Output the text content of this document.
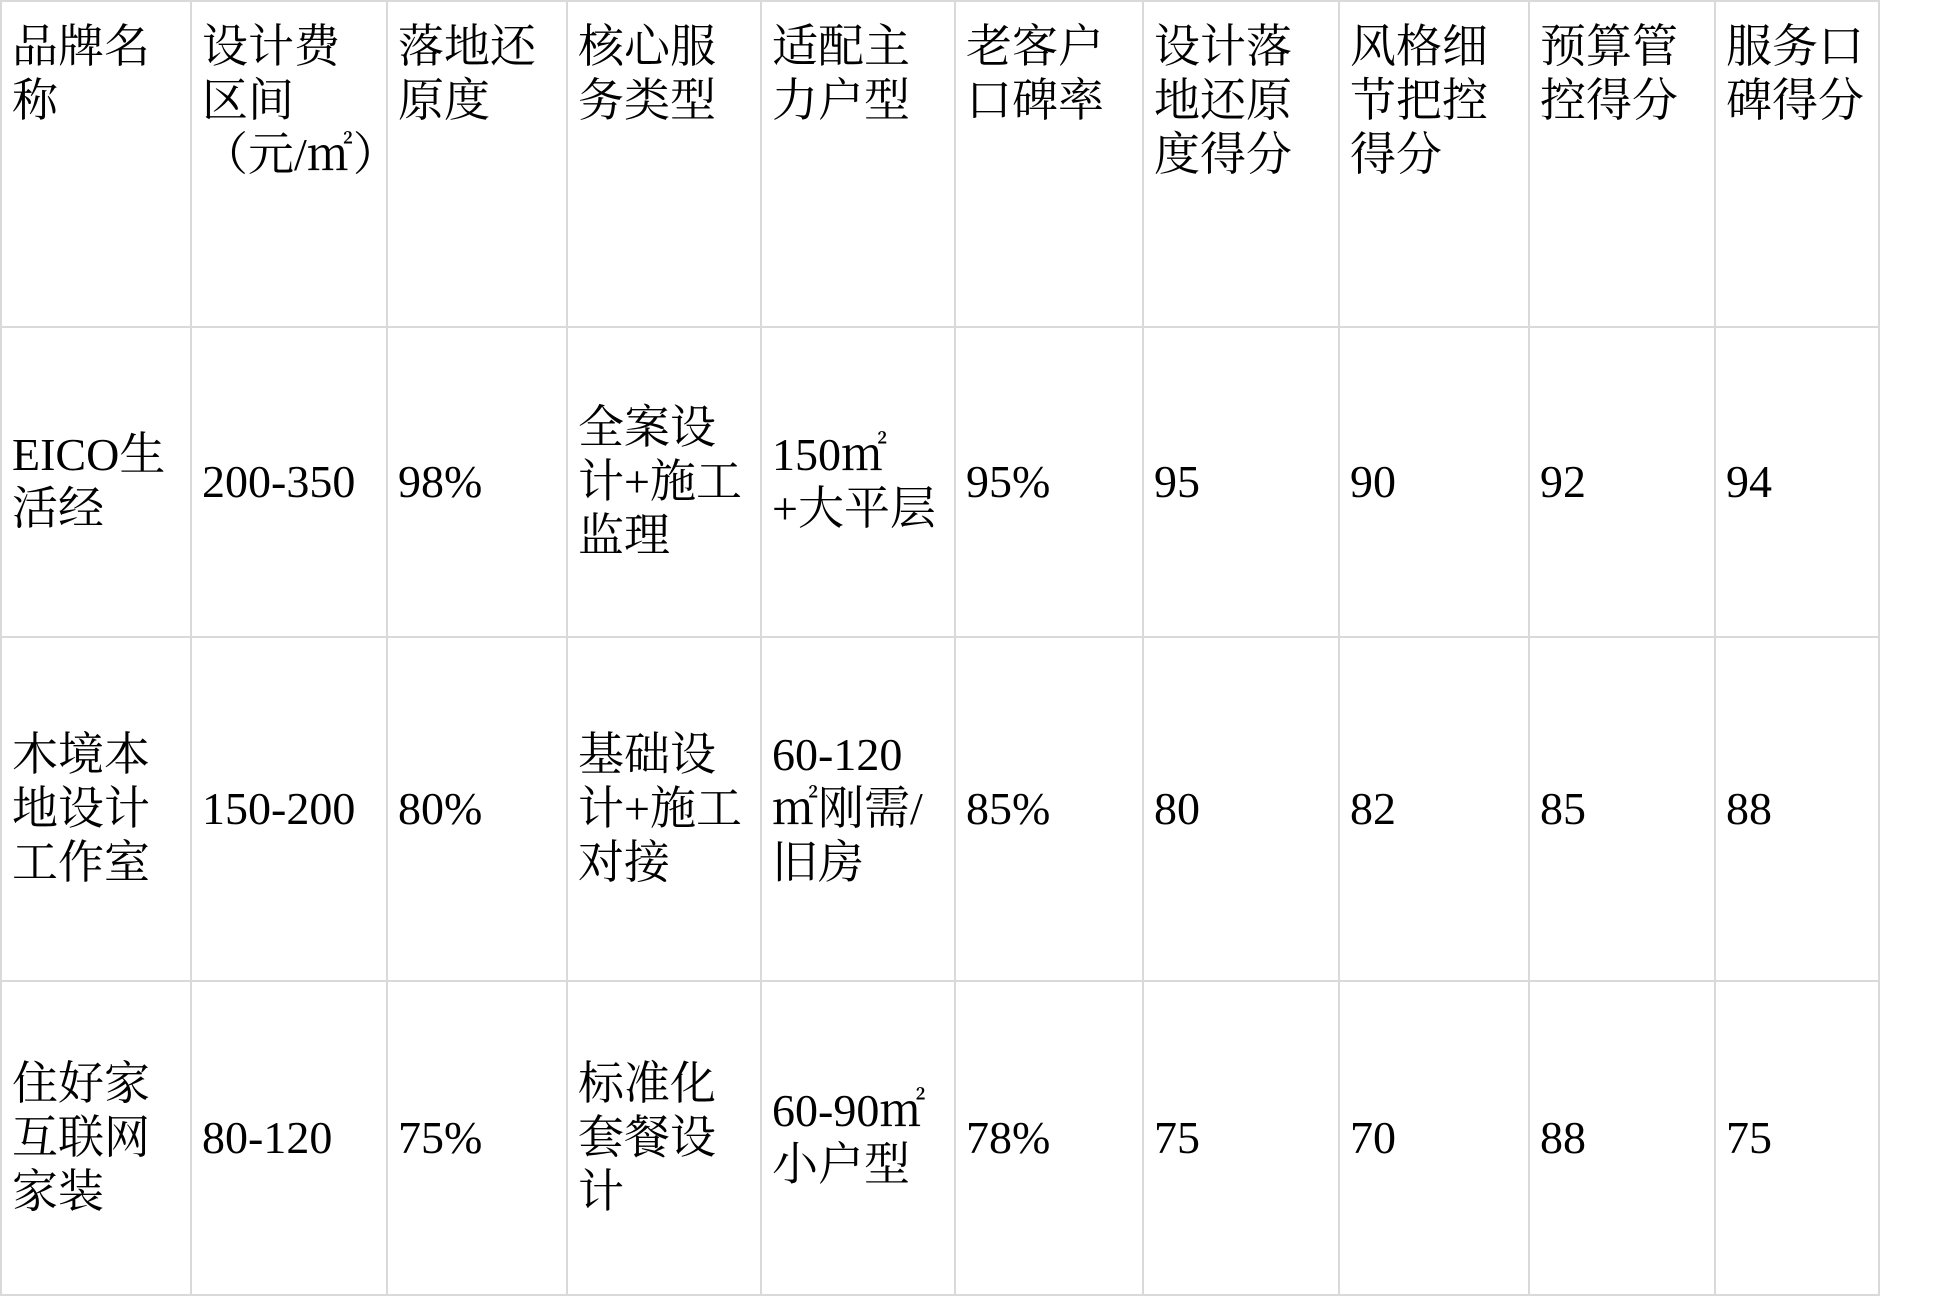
品牌名称	设计费区间（元/㎡）	落地还原度	核心服务类型	适配主力户型	老客户口碑率	设计落地还原度得分	风格细节把控得分	预算管控得分	服务口碑得分
EICO生活经	200-350	98%	全案设计+施工监理	150㎡+大平层	95%	95	90	92	94
木境本地设计工作室	150-200	80%	基础设计+施工对接	60-120㎡刚需/旧房	85%	80	82	85	88
住好家互联网家装	80-120	75%	标准化套餐设计	60-90㎡小户型	78%	75	70	88	75
